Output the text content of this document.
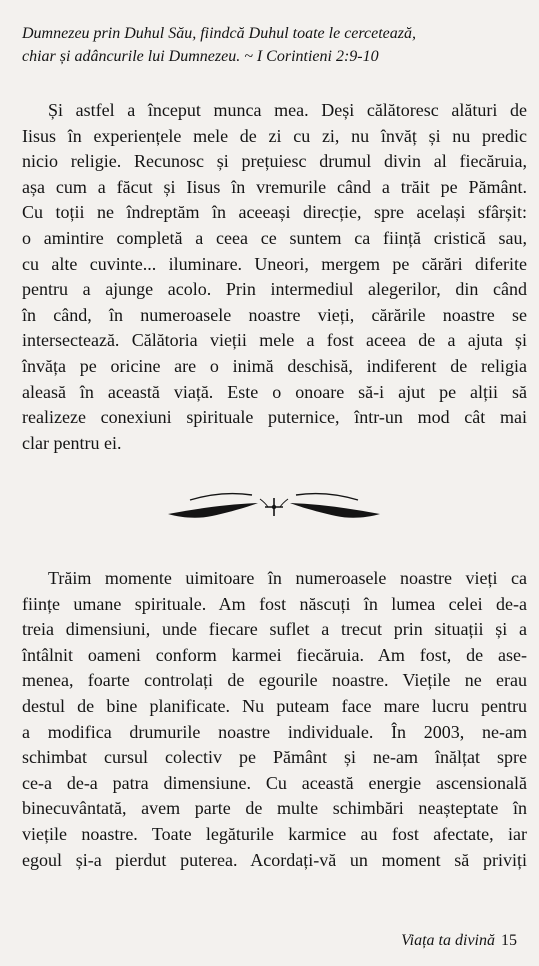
Dumnezeu prin Duhul Său, fiindcă Duhul toate le cercetează,
chiar și adâncurile lui Dumnezeu. ~ I Corintieni 2:9-10
Și astfel a început munca mea. Deși călătoresc alături de
Iisus în experiențele mele de zi cu zi, nu învăț și nu predic
nicio religie. Recunosc și prețuiesc drumul divin al fiecăruia,
așa cum a făcut și Iisus în vremurile când a trăit pe Pământ.
Cu toții ne îndreptăm în aceeași direcție, spre același sfârșit:
o amintire completă a ceea ce suntem ca ființă cristică sau,
cu alte cuvinte... iluminare. Uneori, mergem pe cărări diferite
pentru a ajunge acolo. Prin intermediul alegerilor, din când
în când, în numeroasele noastre vieți, cărările noastre se
intersectează. Călătoria vieții mele a fost aceea de a ajuta și
învăța pe oricine are o inimă deschisă, indiferent de religia
aleasă în această viață. Este o onoare să-i ajut pe alții să
realizeze conexiuni spirituale puternice, într-un mod cât mai
clar pentru ei.
Trăim momente uimitoare în numeroasele noastre vieți ca
ființe umane spirituale. Am fost născuți în lumea celei de-a
treia dimensiuni, unde fiecare suflet a trecut prin situații și a
întâlnit oameni conform karmei fiecăruia. Am fost, de ase-
menea, foarte controlați de egourile noastre. Viețile ne erau
destul de bine planificate. Nu puteam face mare lucru pentru
a modifica drumurile noastre individuale. În 2003, ne-am
schimbat cursul colectiv pe Pământ și ne-am înălțat spre
ce-a de-a patra dimensiune. Cu această energie ascensională
binecuvântată, avem parte de multe schimbări neașteptate în
viețile noastre. Toate legăturile karmice au fost afectate, iar
egoul și-a pierdut puterea. Acordați-vă un moment să priviți
Viața ta divină 15
